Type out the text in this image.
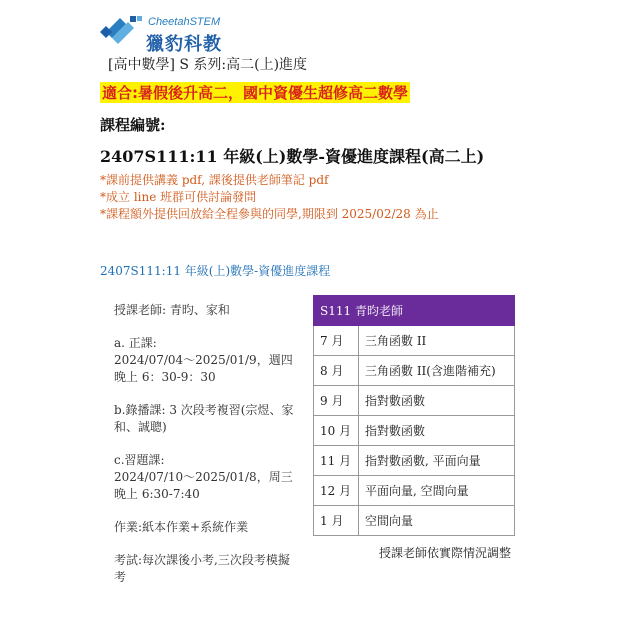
CheetahSTEM
獵豹科教
[高中數學] S 系列:高二(上)進度
適合:暑假後升高二，國中資優生超修高二數學
課程編號:
2407S111:11 年級(上)數學-資優進度課程(高二上)
*課前提供講義 pdf, 課後提供老師筆記 pdf
*成立 line 班群可供討論發問
*課程額外提供回放給全程參與的同學,期限到 2025/02/28 為止
2407S111:11 年級(上)數學-資優進度課程
授課老師: 青昀、家和
a. 正課:
2024/07/04～2025/01/9，週四晚上 6：30-9：30
b.錄播課: 3 次段考複習(宗煜、家和、誠聰)
c.習題課:
2024/07/10～2025/01/8，周三晚上 6:30-7:40
作業:紙本作業+系統作業
考試:每次課後小考,三次段考模擬考
S111 青昀老師	
7 月	三角函數 II
8 月	三角函數 II(含進階補充)
9 月	指對數函數
10 月	指對數函數
11 月	指對數函數, 平面向量
12 月	平面向量, 空間向量
1 月	空間向量
授課老師依實際情況調整
